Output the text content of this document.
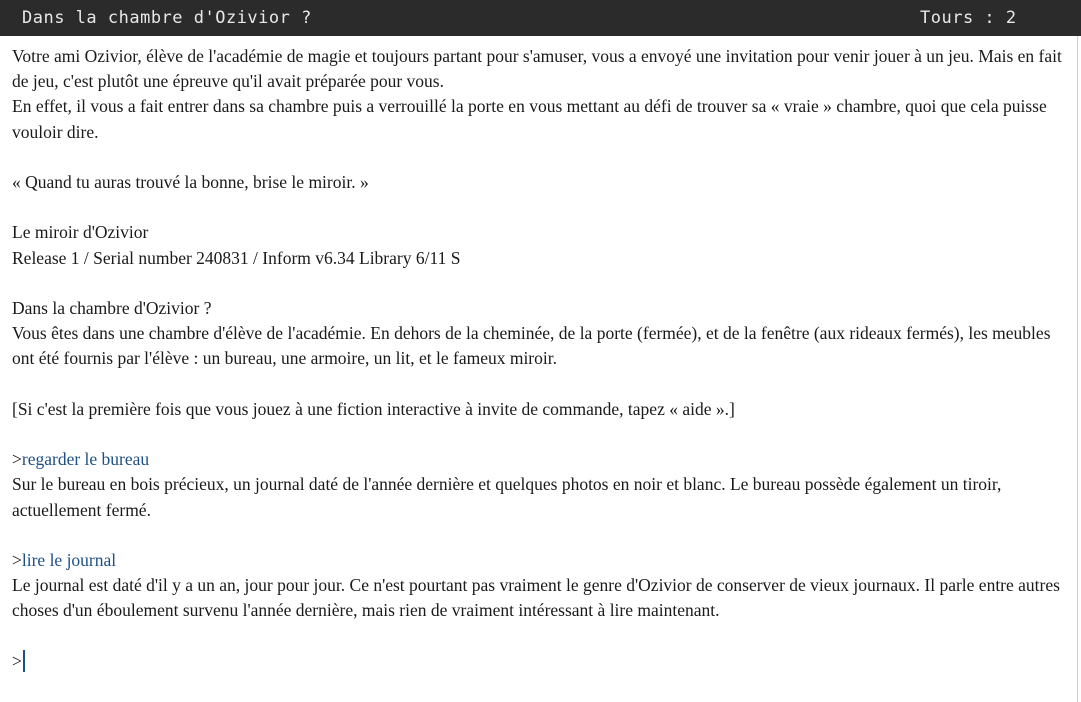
Dans la chambre d'Ozivior ?	Tours : 2

Votre ami Ozivior, élève de l'académie de magie et toujours partant pour s'amuser, vous a envoyé une invitation pour venir jouer à un jeu. Mais en fait de jeu, c'est plutôt une épreuve qu'il avait préparée pour vous.

En effet, il vous a fait entrer dans sa chambre puis a verrouillé la porte en vous mettant au défi de trouver sa « vraie » chambre, quoi que cela puisse vouloir dire.

« Quand tu auras trouvé la bonne, brise le miroir. »

Le miroir d'Ozivior

Release 1 / Serial number 240831 / Inform v6.34 Library 6/11 S

Dans la chambre d'Ozivior ?

Vous êtes dans une chambre d'élève de l'académie. En dehors de la cheminée, de la porte (fermée), et de la fenêtre (aux rideaux fermés), les meubles ont été fournis par l'élève : un bureau, une armoire, un lit, et le fameux miroir.

[Si c'est la première fois que vous jouez à une fiction interactive à invite de commande, tapez « aide ».]

>regarder le bureau

Sur le bureau en bois précieux, un journal daté de l'année dernière et quelques photos en noir et blanc. Le bureau possède également un tiroir, actuellement fermé.

>lire le journal

Le journal est daté d'il y a un an, jour pour jour. Ce n'est pourtant pas vraiment le genre d'Ozivior de conserver de vieux journaux. Il parle entre autres choses d'un éboulement survenu l'année dernière, mais rien de vraiment intéressant à lire maintenant.

>
